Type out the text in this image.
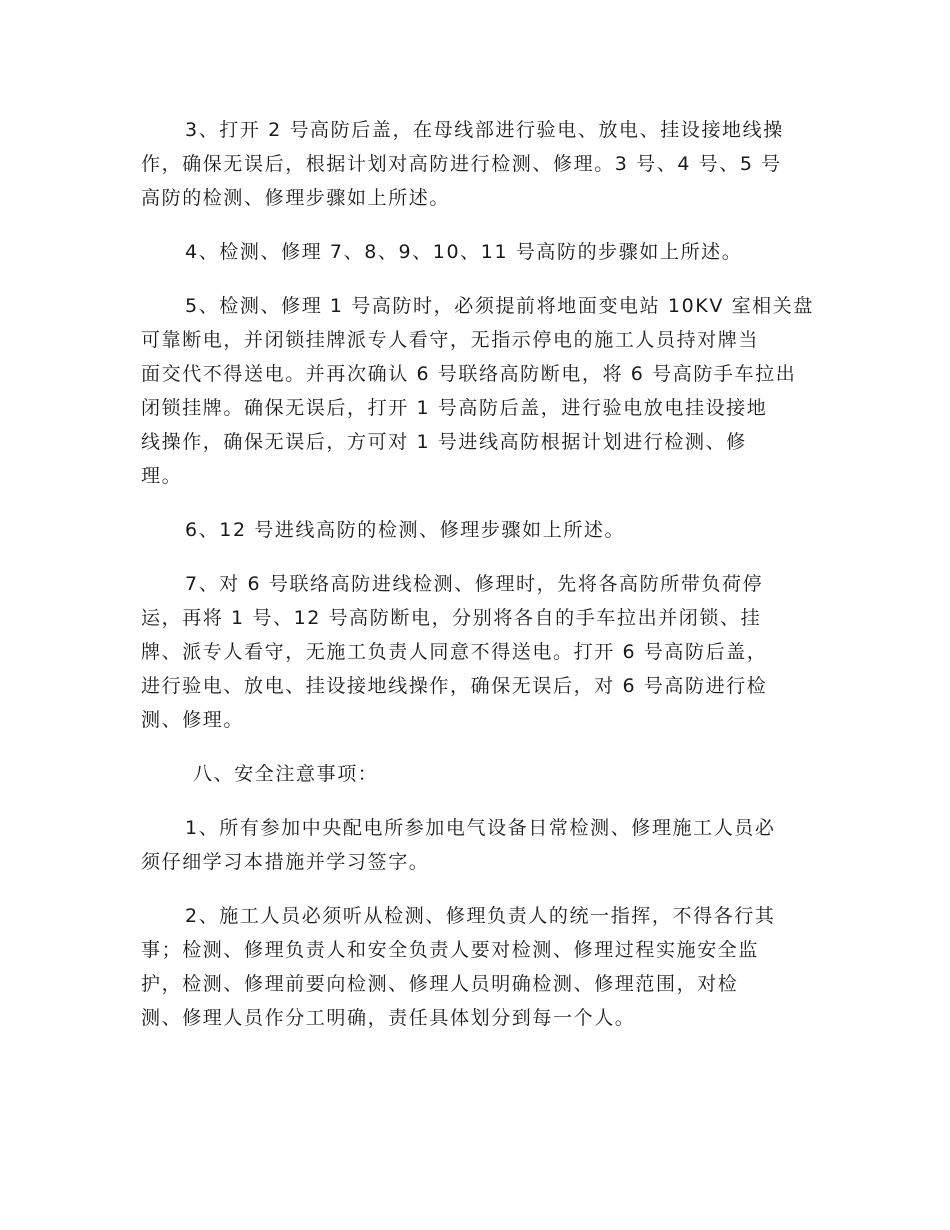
3、打开 2 号高防后盖，在母线部进行验电、放电、挂设接地线操
作，确保无误后，根据计划对高防进行检测、修理。3 号、4 号、5 号
高防的检测、修理步骤如上所述。
4、检测、修理 7、8、9、10、11 号高防的步骤如上所述。
5、检测、修理 1 号高防时，必须提前将地面变电站 10KV 室相关盘
可靠断电，并闭锁挂牌派专人看守，无指示停电的施工人员持对牌当
面交代不得送电。并再次确认 6 号联络高防断电，将 6 号高防手车拉出
闭锁挂牌。确保无误后，打开 1 号高防后盖，进行验电放电挂设接地
线操作，确保无误后，方可对 1 号进线高防根据计划进行检测、修
理。
6、12 号进线高防的检测、修理步骤如上所述。
7、对 6 号联络高防进线检测、修理时，先将各高防所带负荷停
运，再将 1 号、12 号高防断电，分别将各自的手车拉出并闭锁、挂
牌、派专人看守，无施工负责人同意不得送电。打开 6 号高防后盖，
进行验电、放电、挂设接地线操作，确保无误后，对 6 号高防进行检
测、修理。
八、安全注意事项：
1、所有参加中央配电所参加电气设备日常检测、修理施工人员必
须仔细学习本措施并学习签字。
2、施工人员必须听从检测、修理负责人的统一指挥，不得各行其
事；检测、修理负责人和安全负责人要对检测、修理过程实施安全监
护，检测、修理前要向检测、修理人员明确检测、修理范围，对检
测、修理人员作分工明确，责任具体划分到每一个人。
